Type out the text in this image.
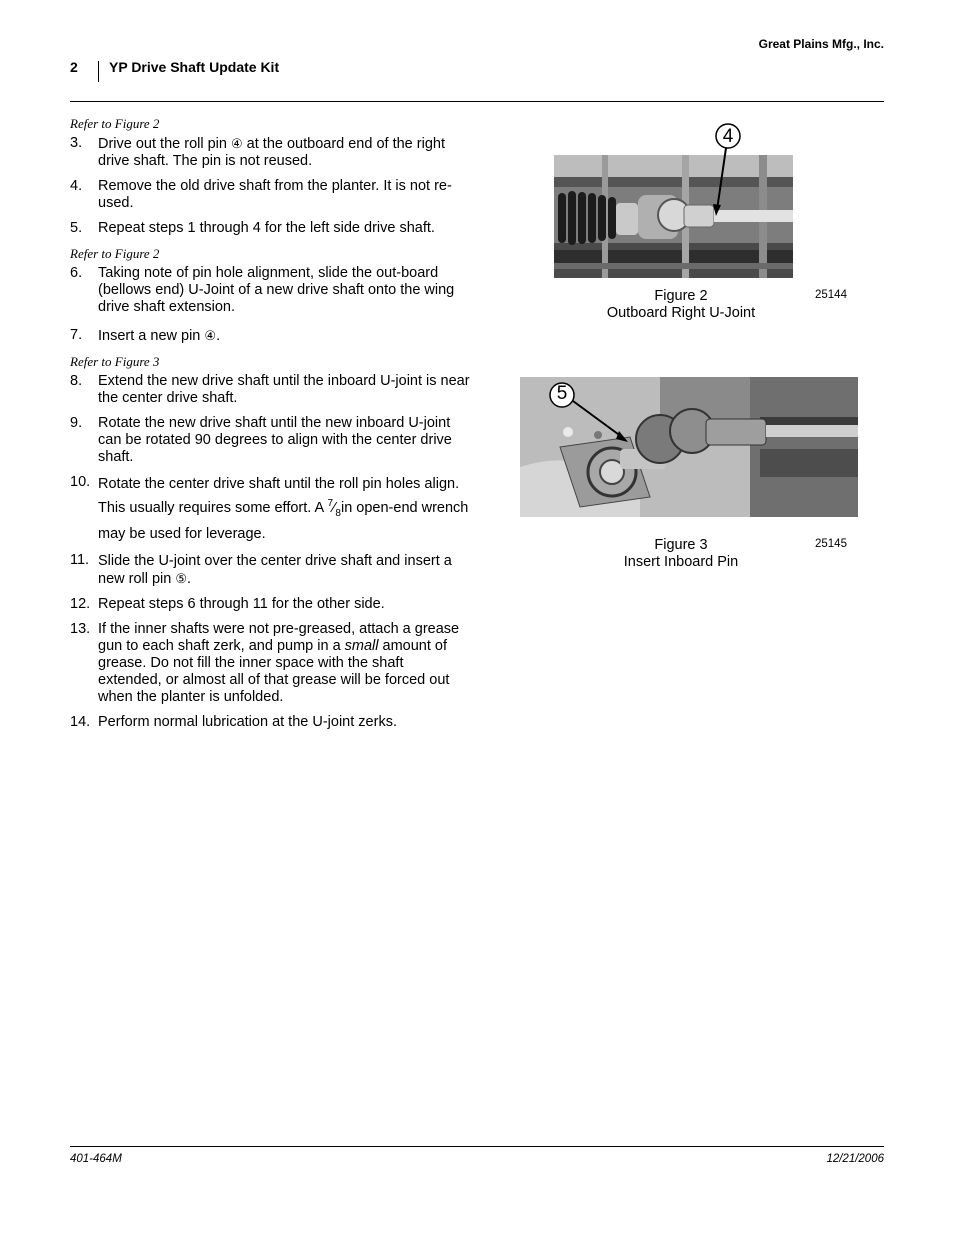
Great Plains Mfg., Inc.
2 YP Drive Shaft Update Kit
Refer to Figure 2
3.	Drive out the roll pin ④ at the outboard end of the right drive shaft. The pin is not reused.
4.	Remove the old drive shaft from the planter. It is not re-used.
5.	Repeat steps 1 through 4 for the left side drive shaft.
Refer to Figure 2
6.	Taking note of pin hole alignment, slide the out-board (bellows end) U-Joint of a new drive shaft onto the wing drive shaft extension.
7.	Insert a new pin ④.
Refer to Figure 3
8.	Extend the new drive shaft until the inboard U-joint is near the center drive shaft.
9.	Rotate the new drive shaft until the new inboard U-joint can be rotated 90 degrees to align with the center drive shaft.
10. Rotate the center drive shaft until the roll pin holes align. This usually requires some effort. A $^7⁄_8in$ open-end wrench may be used for leverage.
11. Slide the U-joint over the center drive shaft and insert a new roll pin ⑤.
12. Repeat steps 6 through 11 for the other side.
13. If the inner shafts were not pre-greased, attach a grease gun to each shaft zerk, and pump in a small amount of grease. Do not fill the inner space with the shaft extended, or almost all of that grease will be forced out when the planter is unfolded.
14. Perform normal lubrication at the U-joint zerks.
4
Figure 2
Outboard Right U-Joint
25144
5
Figure 3
Insert Inboard Pin
25145
401-464M	12/21/2006
